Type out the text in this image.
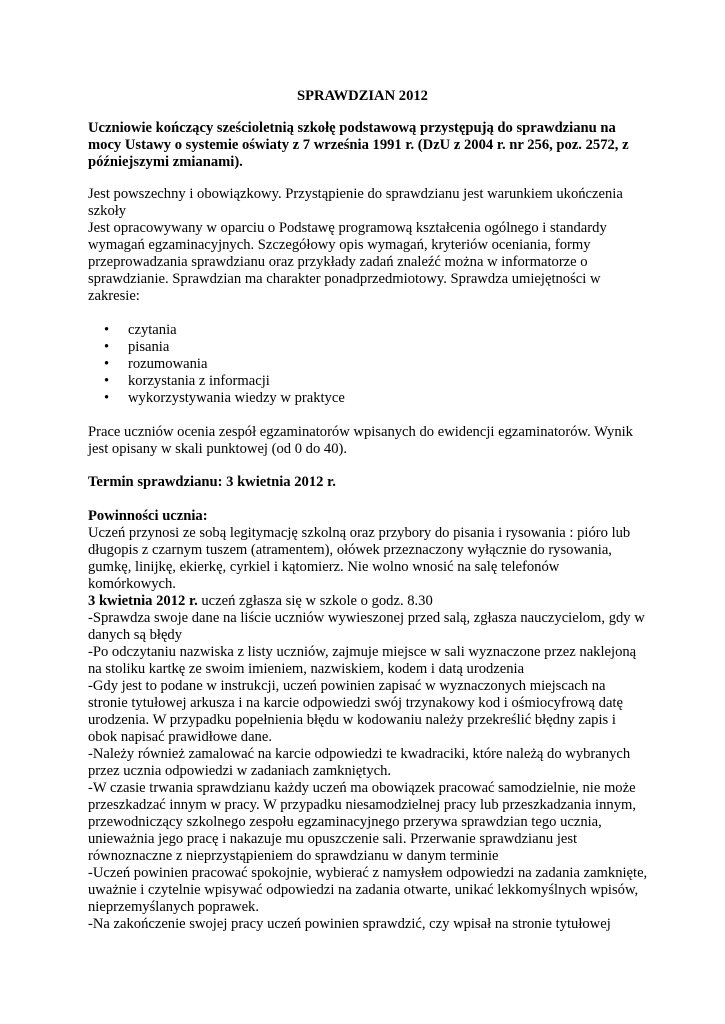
SPRAWDZIAN 2012
Uczniowie kończący sześcioletnią szkołę podstawową przystępują do sprawdzianu na mocy Ustawy o systemie oświaty z 7 września 1991 r. (DzU z 2004 r. nr 256, poz. 2572, z późniejszymi zmianami).
Jest powszechny i obowiązkowy. Przystąpienie do sprawdzianu jest warunkiem ukończenia
szkoły
Jest opracowywany w oparciu o Podstawę programową kształcenia ogólnego i standardy wymagań egzaminacyjnych. Szczegółowy opis wymagań, kryteriów oceniania, formy przeprowadzania sprawdzianu oraz przykłady zadań znaleźć można w informatorze o sprawdzianie. Sprawdzian ma charakter ponadprzedmiotowy. Sprawdza umiejętności w zakresie:
• czytania
• pisania
• rozumowania
• korzystania z informacji
• wykorzystywania wiedzy w praktyce
Prace uczniów ocenia zespół egzaminatorów wpisanych do ewidencji egzaminatorów. Wynik jest opisany w skali punktowej (od 0 do 40).
Termin sprawdzianu: 3 kwietnia 2012 r.
Powinności ucznia:
Uczeń przynosi ze sobą legitymację szkolną oraz przybory do pisania i rysowania : pióro lub długopis z czarnym tuszem (atramentem), ołówek przeznaczony wyłącznie do rysowania, gumkę, linijkę, ekierkę, cyrkiel i kątomierz. Nie wolno wnosić na salę telefonów komórkowych.
3 kwietnia 2012 r. uczeń zgłasza się w szkole o godz. 8.30
-Sprawdza swoje dane na liście uczniów wywieszonej przed salą, zgłasza nauczycielom, gdy w danych są błędy
-Po odczytaniu nazwiska z listy uczniów, zajmuje miejsce w sali wyznaczone przez naklejoną na stoliku kartkę ze swoim imieniem, nazwiskiem, kodem i datą urodzenia
-Gdy jest to podane w instrukcji, uczeń powinien zapisać w wyznaczonych miejscach na stronie tytułowej arkusza i na karcie odpowiedzi swój trzynakowy kod i ośmiocyfrową datę urodzenia. W przypadku popełnienia błędu w kodowaniu należy przekreślić błędny zapis i obok napisać prawidłowe dane.
-Należy również zamalować na karcie odpowiedzi te kwadraciki, które należą do wybranych przez ucznia odpowiedzi w zadaniach zamkniętych.
-W czasie trwania sprawdzianu każdy uczeń ma obowiązek pracować samodzielnie, nie może przeszkadzać innym w pracy. W przypadku niesamodzielnej pracy lub przeszkadzania innym, przewodniczący szkolnego zespołu egzaminacyjnego przerywa sprawdzian tego ucznia, unieważnia jego pracę i nakazuje mu opuszczenie sali. Przerwanie sprawdzianu jest równoznaczne z nieprzystąpieniem do sprawdzianu w danym terminie
-Uczeń powinien pracować spokojnie, wybierać z namysłem odpowiedzi na zadania zamknięte, uważnie i czytelnie wpisywać odpowiedzi na zadania otwarte, unikać lekkomyślnych wpisów, nieprzemyślanych poprawek.
-Na zakończenie swojej pracy uczeń powinien sprawdzić, czy wpisał na stronie tytułowej
